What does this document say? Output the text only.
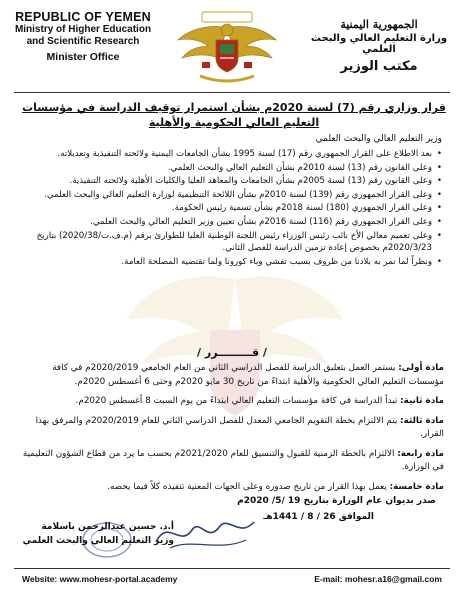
REPUBLIC OF YEMEN
Ministry of Higher Education
and Scientific Research
Minister Office
الجمهورية اليمنية
وزارة التعليم العالي والبحث العلمي
مكتب الوزير
قرار وزاري رقم (7) لسنة 2020م بشأن استمرار توقيف الدراسة في مؤسسات التعليم العالي الحكومية والأهلية
وزير التعليم العالي والبحث العلمي
• بعد الاطلاع على القرار الجمهوري رقم (17) لسنة 1995 بشأن الجامعات اليمنية ولائحته التنفيذية وتعديلاته.
• وعلى القانون رقم (13) لسنة 2010م بشأن التعليم العالي والبحث العلمي.
• وعلى القانون رقم (13) لسنة 2005م بشأن الجامعات والمعاهد العليا والكليات الأهلية ولائحته التنفيذية.
• وعلى القرار الجمهوري رقم (139) لسنة 2010م بشأن اللائحة التنظيمية لوزارة التعليم العالي والبحث العلمي.
• وعلى القرار الجمهوري (180) لسنة 2018م بشأن تسمية رئيس الحكومة.
• وعلى القرار الجمهوري رقم (116) لسنة 2016م بشأن تعيين وزير التعليم العالي والبحث العلمي.
• وعلى تعميم معالي الأخ نائب رئيس الوزراء رئيس اللجنة الوطنية العليا للطوارئ برقم (م.ف.ت/2020/38) بتاريخ 2020/3/23م بخصوص إعادة تزمين الدراسة للفصل الثاني.
• ونظراً لما تمر به بلادنا من ظروف بسبب تفشي وباء كورونا ولما تقتضيه المصلحة العامة.
/ قـــــــــرر /
مادة أولى: يستمر العمل بتعليق الدراسة للفصل الدراسي الثاني من العام الجامعي 2020/2019م في كافة مؤسسات التعليم العالي الحكومية والأهلية ابتداءً من تاريخ 30 مايو 2020م وحتى 6 أغسطس 2020م.
مادة ثانية: تبدأ الدراسة في كافة مؤسسات التعليم العالي ابتداءً من يوم السبت 8 أغسطس 2020م.
مادة ثالثة: يتم الالتزام بخطة التقويم الجامعي المعدل للفصل الدراسي الثاني للعام 2020/2019م والمرفق بهذا القرار.
مادة رابعة: الالتزام بالخطة الزمنية للقبول والتنسيق للعام 2021/2020م بحسب ما يرد من قطاع الشؤون التعليمية في الوزارة.
مادة خامسة: يعمل بهذا القرار من تاريخ صدوره وعلى الجهات المعنية تنفيذه كلاً فيما يخصه.
صدر بديوان عام الوزارة بتاريخ 19 /5/ 2020م
الموافق 26 / 8 / 1441هـ
أ.د. حسين عبدالرحمن باسلامة
وزير التعليم العالي والبحث العلمي
Website: www.mohesr-portal.academy	E-mail: mohesr.a16@gmail.com
